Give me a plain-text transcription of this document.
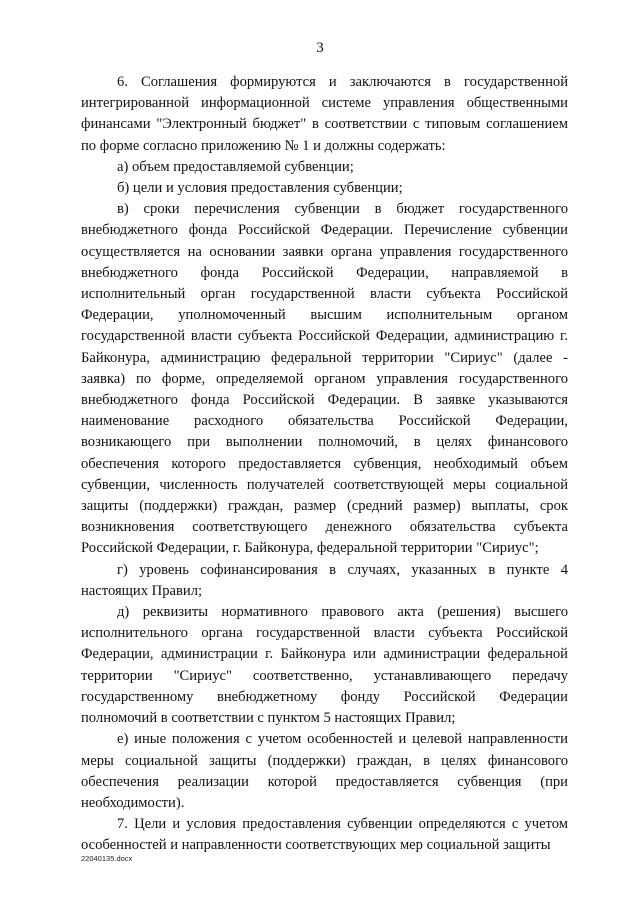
3

6. Соглашения формируются и заключаются в государственной интегрированной информационной системе управления общественными финансами "Электронный бюджет" в соответствии с типовым соглашением по форме согласно приложению № 1 и должны содержать:

а) объем предоставляемой субвенции;

б) цели и условия предоставления субвенции;

в) сроки перечисления субвенции в бюджет государственного внебюджетного фонда Российской Федерации. Перечисление субвенции осуществляется на основании заявки органа управления государственного внебюджетного фонда Российской Федерации, направляемой в исполнительный орган государственной власти субъекта Российской Федерации, уполномоченный высшим исполнительным органом государственной власти субъекта Российской Федерации, администрацию г. Байконура, администрацию федеральной территории "Сириус" (далее - заявка) по форме, определяемой органом управления государственного внебюджетного фонда Российской Федерации. В заявке указываются наименование расходного обязательства Российской Федерации, возникающего при выполнении полномочий, в целях финансового обеспечения которого предоставляется субвенция, необходимый объем субвенции, численность получателей соответствующей меры социальной защиты (поддержки) граждан, размер (средний размер) выплаты, срок возникновения соответствующего денежного обязательства субъекта Российской Федерации, г. Байконура, федеральной территории "Сириус";

г) уровень софинансирования в случаях, указанных в пункте 4 настоящих Правил;

д) реквизиты нормативного правового акта (решения) высшего исполнительного органа государственной власти субъекта Российской Федерации, администрации г. Байконура или администрации федеральной территории "Сириус" соответственно, устанавливающего передачу государственному внебюджетному фонду Российской Федерации полномочий в соответствии с пунктом 5 настоящих Правил;

е) иные положения с учетом особенностей и целевой направленности меры социальной защиты (поддержки) граждан, в целях финансового обеспечения реализации которой предоставляется субвенция (при необходимости).

7. Цели и условия предоставления субвенции определяются с учетом особенностей и направленности соответствующих мер социальной защиты

22040135.docx
